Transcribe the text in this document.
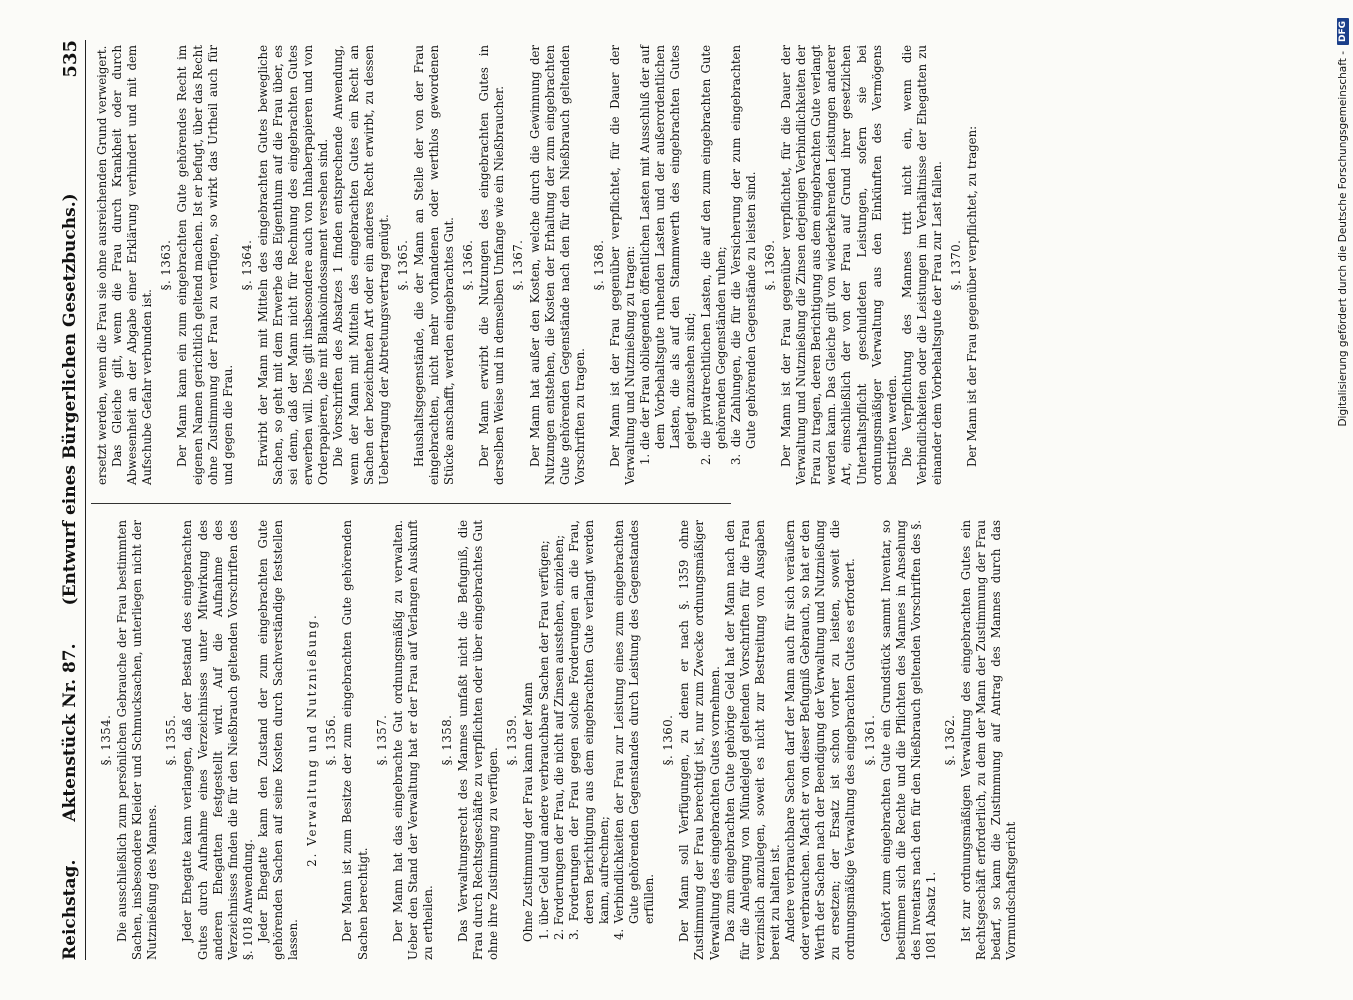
Reichstag.
Aktenstück Nr. 87.
(Entwurf eines Bürgerlichen Gesetzbuchs.)
535
§. 1354. Die ausschließlich zum persönlichen Gebrauche der Frau bestimmten Sachen, insbesondere Kleider und Schmucksachen, unterliegen nicht der Nutznießung des Mannes.

§. 1355. Jeder Ehegatte kann verlangen, daß der Bestand des eingebrachten Gutes durch Aufnahme eines Verzeichnisses unter Mitwirkung des anderen Ehegatten festgestellt wird. Auf die Aufnahme des Verzeichnisses finden die für den Nießbrauch geltenden Vorschriften des §. 1018 Anwendung. Jeder Ehegatte kann den Zustand der zum eingebrachten Gute gehörenden Sachen auf seine Kosten durch Sachverständige feststellen lassen.

2. Verwaltung und Nutznießung. §. 1356. Der Mann ist zum Besitze der zum eingebrachten Gute gehörenden Sachen berechtigt.

§. 1357. Der Mann hat das eingebrachte Gut ordnungsmäßig zu verwalten. Ueber den Stand der Verwaltung hat er der Frau auf Verlangen Auskunft zu ertheilen.

§. 1358. Das Verwaltungsrecht des Mannes umfaßt nicht die Befugniß, die Frau durch Rechtsgeschäfte zu verpflichten oder über eingebrachtes Gut ohne ihre Zustimmung zu verfügen.

§. 1359. Ohne Zustimmung der Frau kann der Mann 1. über Geld und andere verbrauchbare Sachen der Frau verfügen; 2. Forderungen der Frau, die nicht auf Zinsen ausstehen, einziehen; 3. Forderungen der Frau gegen solche Forderungen an die Frau, deren Berichtigung aus dem eingebrachten Gute verlangt werden kann, aufrechnen; 4. Verbindlichkeiten der Frau zur Leistung eines zum eingebrachten Gute gehörenden Gegenstandes durch Leistung des Gegenstandes erfüllen.

§. 1360. Der Mann soll Verfügungen, zu denen er nach §. 1359 ohne Zustimmung der Frau berechtigt ist, nur zum Zwecke ordnungsmäßiger Verwaltung des eingebrachten Gutes vornehmen. Das zum eingebrachten Gute gehörige Geld hat der Mann nach den für die Anlegung von Mündelgeld geltenden Vorschriften für die Frau verzinslich anzulegen, soweit es nicht zur Bestreitung von Ausgaben bereit zu halten ist. Andere verbrauchbare Sachen darf der Mann auch für sich veräußern oder verbrauchen. Macht er von dieser Befugniß Gebrauch, so hat er den Werth der Sachen nach der Beendigung der Verwaltung und Nutznießung zu ersetzen; der Ersatz ist schon vorher zu leisten, soweit die ordnungsmäßige Verwaltung des eingebrachten Gutes es erfordert. §. 1361. Gehört zum eingebrachten Gute ein Grundstück sammt Inventar, so bestimmen sich die Rechte und die Pflichten des Mannes in Ansehung des Inventars nach den für den Nießbrauch geltenden Vorschriften des §. 1081 Absatz 1.

§. 1362. Ist zur ordnungsmäßigen Verwaltung des eingebrachten Gutes ein Rechtsgeschäft erforderlich, zu dem der Mann der Zustimmung der Frau bedarf, so kann die Zustimmung auf Antrag des Mannes durch das Vormundschaftsgericht

ersetzt werden, wenn die Frau sie ohne ausreichenden Grund verweigert. Das Gleiche gilt, wenn die Frau durch Krankheit oder durch Abwesenheit an der Abgabe einer Erklärung verhindert und mit dem Aufschube Gefahr verbunden ist.

§. 1363. Der Mann kann ein zum eingebrachten Gute gehörendes Recht im eigenen Namen gerichtlich geltend machen. Ist er befugt, über das Recht ohne Zustimmung der Frau zu verfügen, so wirkt das Urtheil auch für und gegen die Frau.

§. 1364. Erwirbt der Mann mit Mitteln des eingebrachten Gutes bewegliche Sachen, so geht mit dem Erwerbe das Eigenthum auf die Frau über, es sei denn, daß der Mann nicht für Rechnung des eingebrachten Gutes erwerben will. Dies gilt insbesondere auch von Inhaberpapieren und von Orderpapieren, die mit Blankoindossament versehen sind. Die Vorschriften des Absatzes 1 finden entsprechende Anwendung, wenn der Mann mit Mitteln des eingebrachten Gutes ein Recht an Sachen der bezeichneten Art oder ein anderes Recht erwirbt, zu dessen Uebertragung der Abtretungsvertrag genügt. §. 1365. Haushaltsgegenstände, die der Mann an Stelle der von der Frau eingebrachten, nicht mehr vorhandenen oder werthlos gewordenen Stücke anschafft, werden eingebrachtes Gut. §. 1366. Der Mann erwirbt die Nutzungen des eingebrachten Gutes in derselben Weise und in demselben Umfange wie ein Nießbraucher. §. 1367. Der Mann hat außer den Kosten, welche durch die Gewinnung der Nutzungen entstehen, die Kosten der Erhaltung der zum eingebrachten Gute gehörenden Gegenstände nach den für den Nießbrauch geltenden Vorschriften zu tragen.

§. 1368. Der Mann ist der Frau gegenüber verpflichtet, für die Dauer der Verwaltung und Nutznießung zu tragen: 1. die der Frau obliegenden öffentlichen Lasten mit Ausschluß der auf dem Vorbehaltsgute ruhenden Lasten und der außerordentlichen Lasten, die als auf den Stammwerth des eingebrachten Gutes gelegt anzusehen sind; 2. die privatrechtlichen Lasten, die auf den zum eingebrachten Gute gehörenden Gegenständen ruhen; 3. die Zahlungen, die für die Versicherung der zum eingebrachten Gute gehörenden Gegenstände zu leisten sind. §. 1369. Der Mann ist der Frau gegenüber verpflichtet, für die Dauer der Verwaltung und Nutznießung die Zinsen derjenigen Verbindlichkeiten der Frau zu tragen, deren Berichtigung aus dem eingebrachten Gute verlangt werden kann. Das Gleiche gilt von wiederkehrenden Leistungen anderer Art, einschließlich der von der Frau auf Grund ihrer gesetzlichen Unterhaltspflicht geschuldeten Leistungen, sofern sie bei ordnungsmäßiger Verwaltung aus den Einkünften des Vermögens bestritten werden. Die Verpflichtung des Mannes tritt nicht ein, wenn die Verbindlichkeiten oder die Leistungen im Verhältnisse der Ehegatten zu einander dem Vorbehaltsgute der Frau zur Last fallen. §. 1370. Der Mann ist der Frau gegenüber verpflichtet, zu tragen:	Digitalisierung gefördert durch die Deutsche Forschungsgemeinschaft -
DFG
